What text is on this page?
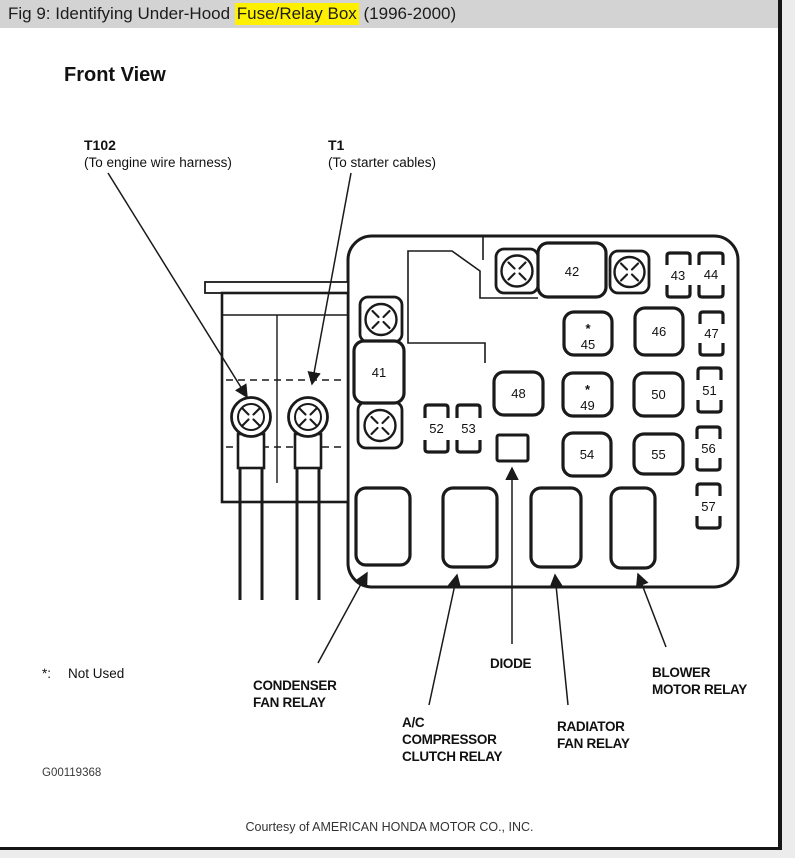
Fig 9: Identifying Under-Hood Fuse/Relay Box (1996-2000)
Front View
T102
(To engine wire harness)
T1
(To starter cables)
41
42	43 44
*
45
46	47
48	*
49
50	51
52 53
54	55	56
57
DIODE
CONDENSER
FAN RELAY
A/C
COMPRESSOR
CLUTCH RELAY
RADIATOR
FAN RELAY
BLOWER
MOTOR RELAY
*: Not Used
G00119368
Courtesy of AMERICAN HONDA MOTOR CO., INC.
